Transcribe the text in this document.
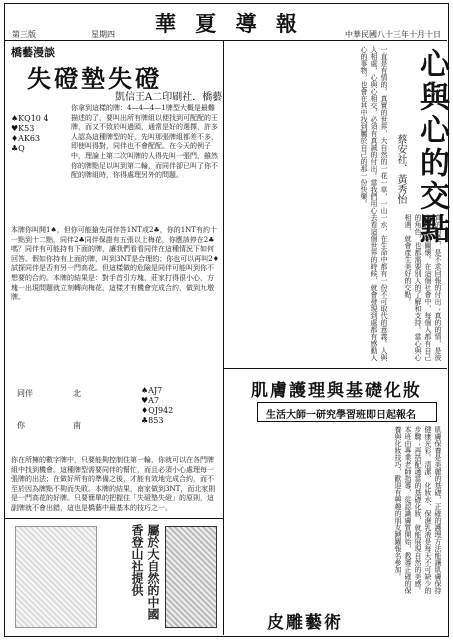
第三版	星期四 華 夏 導 報	中華民國八十三年十月十日
橋藝漫談
失磴墊失磴
凱信王A二印刷社．橋藝
♠KQ10 4
♥K53
♦AK63
♣Q
你拿到這樣的牌：4—4—4—1牌型大概是最難描述的了，要叫出所有牌組以便找到可配配的王牌，而又不致於叫過頭，通常是好的選擇，許多人認為這種牌型的好，先叫那張牌組都差不多，即使叫得對，同伴也不會配配。在今天的例子中，理論上第二次叫牌的人得先叫一張門，雖然你的牌點足以叫到第二輪，而同伴卻已叫了你不配的牌組時，你得處理另外的問題。
本牌你叫開1♠，但你可能搶先同伴答1NT或2♣，你的1NT有約十一點到十二點，同伴2♣同伴保證有五張以上梅花，你應該停在2♣嗎？同伴有可能持有下面的牌，讓我們看看同伴在這種情況下如何回答。假如你持有上面的牌，叫到3NT是合理的；你也可以再叫2♦試探同伴是否有另一門高花。但這樣做的危險是同伴可能叫到你不想要的合約。本牌的結果是：對手首引方塊，莊家打得很小心，方塊一出現問題就立刻轉向梅花，這樣才有機會完成合約，做到九墩牌。
同伴	北
你	南
♠AJ7
♥A7
♦QJ942
♣853
你在所擁的數字牌中，只要能夠控制住第一輪，你就可以在各門牌組中找到機會。這種牌型需要同伴的幫忙，而且必須小心處理每一張牌的出法；在做好所有的準備之後，才能有效地完成合約，而不至於因為牌點不夠而失敗。本牌的結果，南家做到3NT，而北家則是一門高花的好牌。只要簡單的把握住「失磴墊失磴」的原則，這副牌就不會出錯，這也是橋藝中最基本的技巧之一。
屬於大自然的中國香登山社提供
心與心的交點
蔡安社．黃秀怡
一直是有情的，真實的世界，大自然的一花一草，一山一水，在生命中都有一份不可取代的意義。人與人相處，心與心相交，必須有真誠的付出。當我們用心去看這個世界的時候，就會發現到處都有感動人心的事物，也會在其中找到屬於自己的那一份快樂。
真的的愛，是不求回報的付出；真的的情，是彼此的互相關懷。在這個社會中，每個人都有自己的角色，也都需要別人的了解和支持。當心與心相遇，就會產生美好的交點。
肌膚護理與基礎化妝
生活大師一研究學習班即日起報名
肌膚保養是美麗的基礎，正確的護理方法能讓肌膚保持健康光彩。清潔、化妝水、保濕乳液是每天不可缺少的步驟；再搭配適當的基礎化妝，就能展現自然的美感。本班由專業老師指導，從認識膚質開始，教導正確的保養與化妝技巧，歡迎有興趣的朋友踴躍報名參加。
皮雕藝術
